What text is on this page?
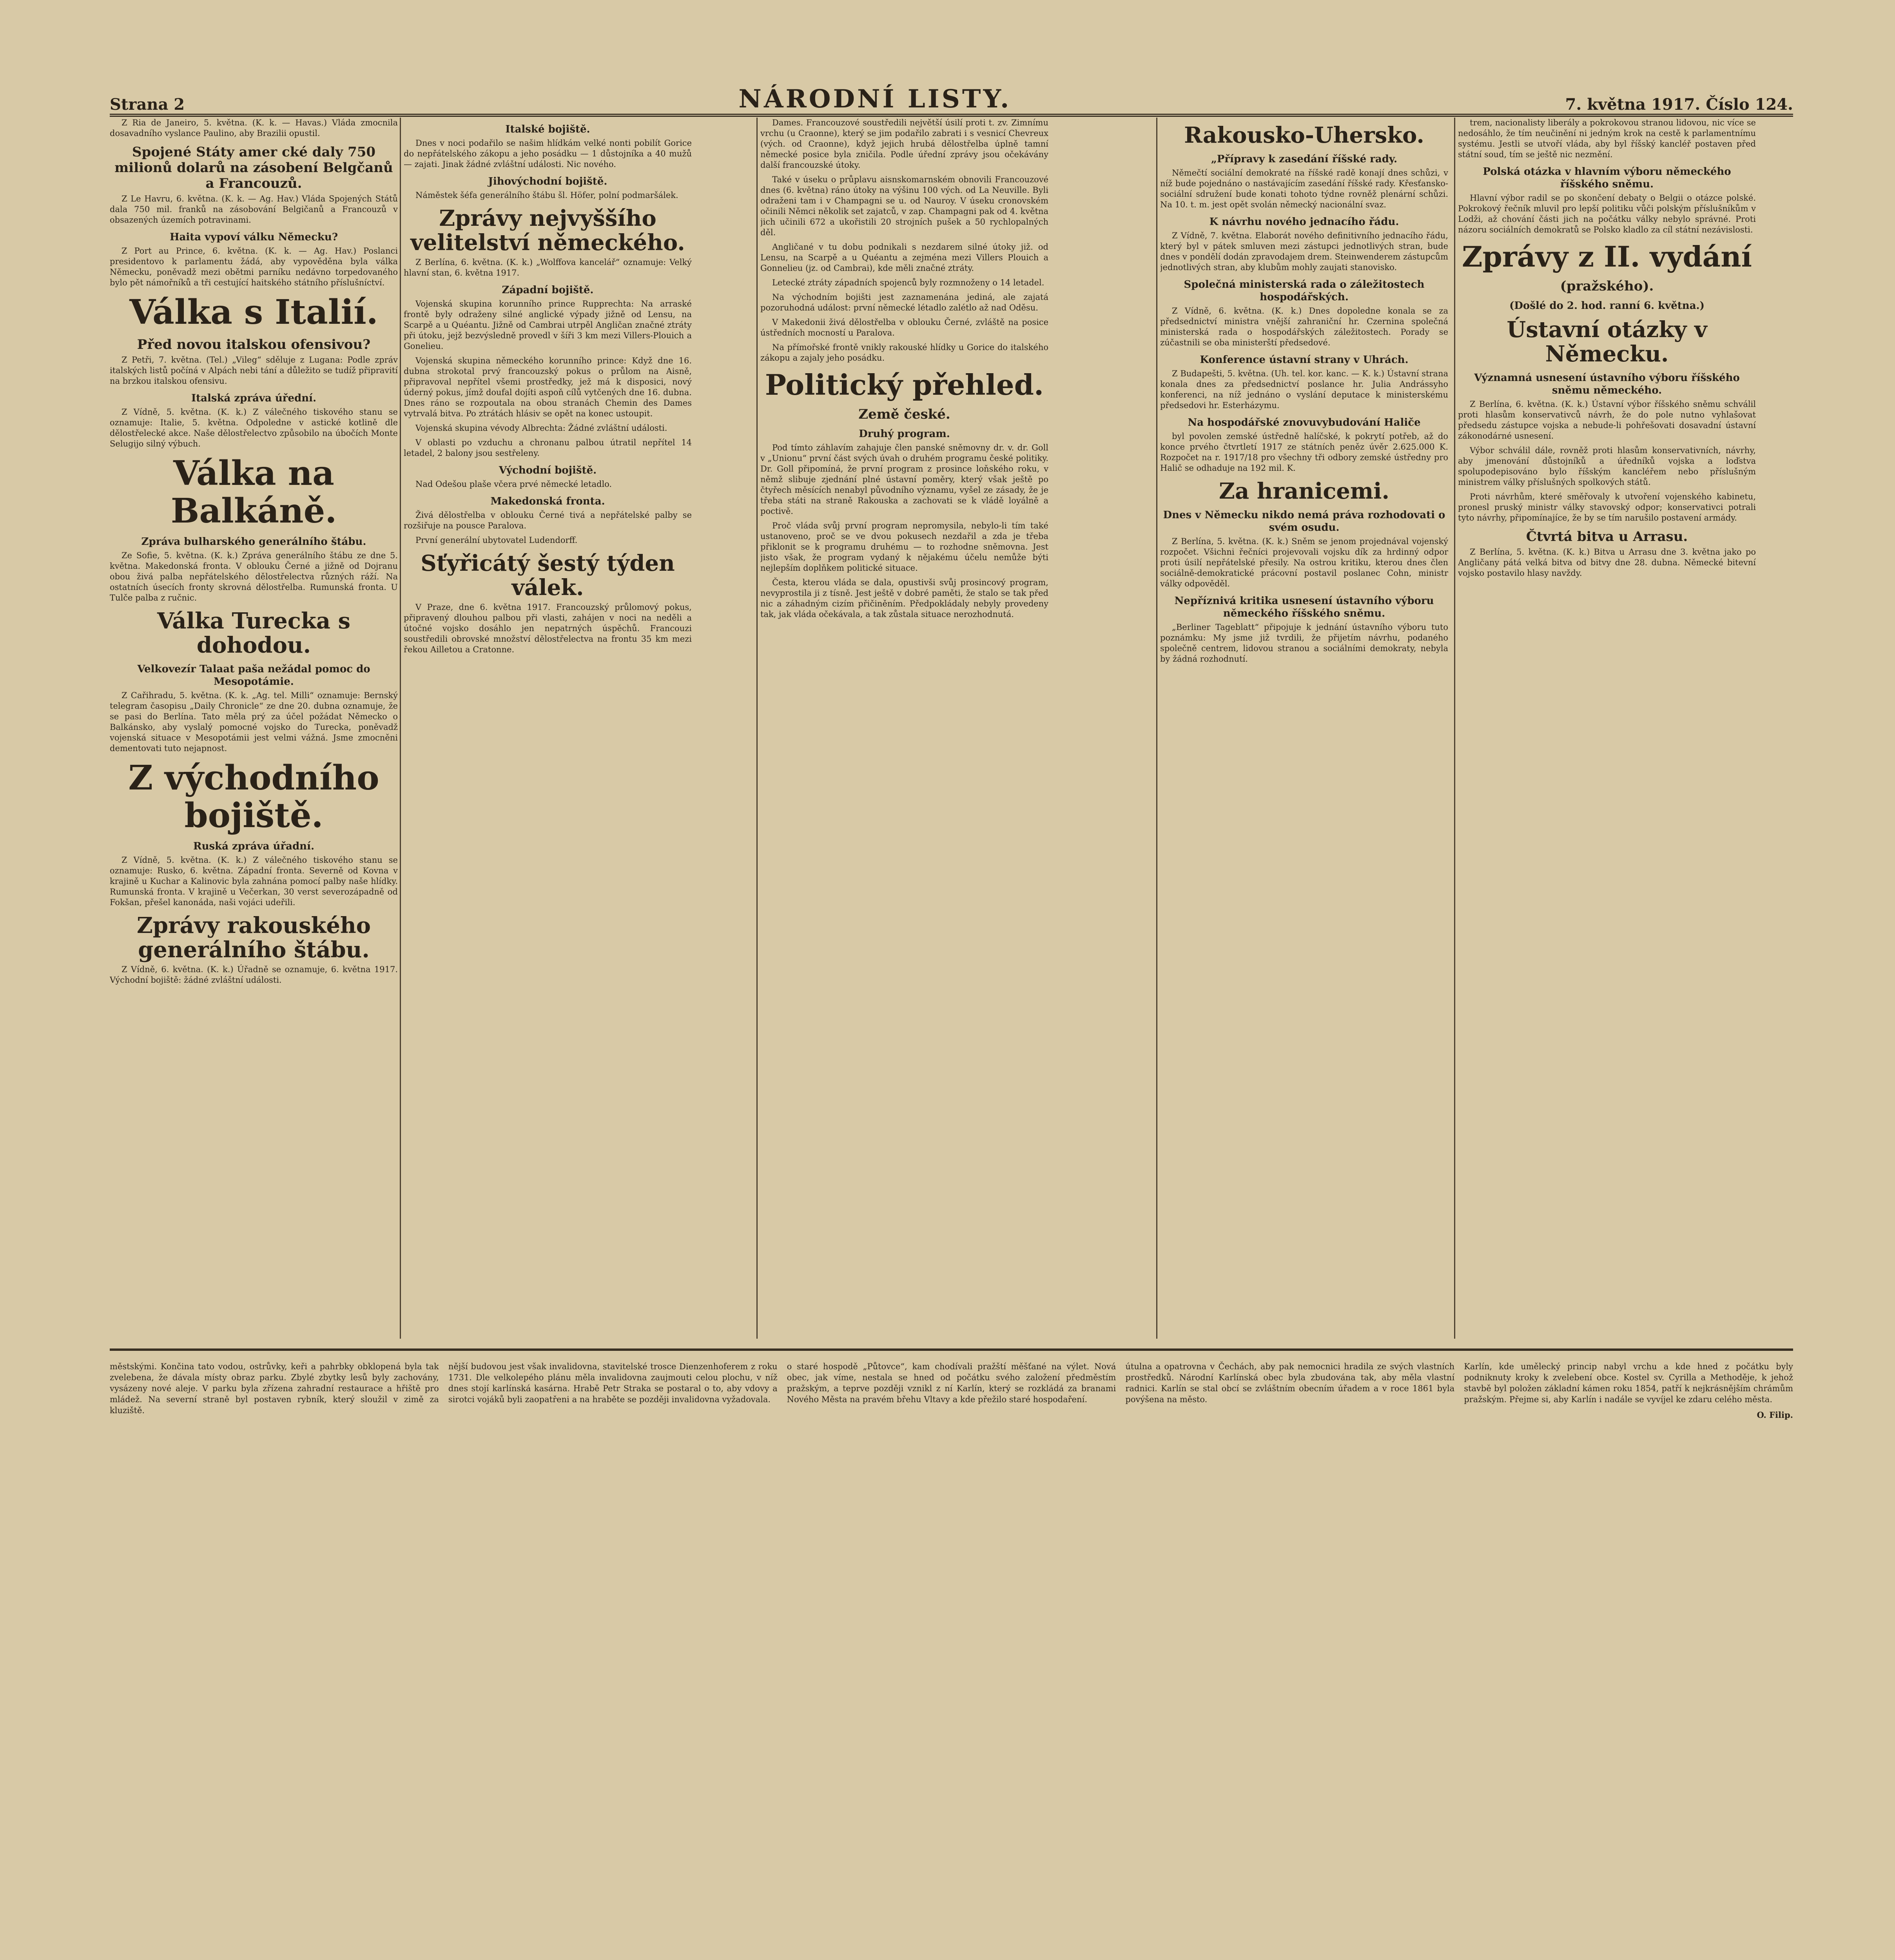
Strana 2	NÁRODNÍ LISTY.	7. května 1917. Číslo 124.

Z Ria de Janeiro, 5. května. (K. k. — Havas.) Vláda zmocnila dosavadního vyslance Paulino, aby Brazilii opustil.

Spojené Státy amer cké daly 750 milionů dolarů na zásobení Belgčanů a Francouzů.

Z Le Havru, 6. května. (K. k. — Ag. Hav.) Vláda Spojených Států dala 750 mil. franků na zásobování Belgičanů a Francouzů v obsazených územích potravinami.

Haita vypoví válku Německu?

Z Port au Prince, 6. května. (K. k. — Ag. Hav.) Poslanci presidentovo k parlamentu žádá, aby vypověděna byla válka Německu, poněvadž mezi obětmi parníku nedávno torpedovaného bylo pět námořníků a tři cestující haitského státního příslušníctví.

Válka s Italií.
Před novou italskou ofensivou?

Z Petři, 7. května. (Tel.) „Vileg“ sděluje z Lugana: Podle zpráv italských listů počíná v Alpách nebi tání a důležito se tudíž připravití na brzkou italskou ofensivu.

Italská zpráva úřední.

Z Vídně, 5. května. (K. k.) Z válečného tiskového stanu se oznamuje: Italie, 5. května. Odpoledne v astické kotlině dle dělostřelecké akce. Naše dělostřelectvo způsobilo na úbočích Monte Selugijo silný výbuch.

Válka na Balkáně.
Zpráva bulharského generálního štábu.

Ze Sofie, 5. května. (K. k.) Zpráva generálního štábu ze dne 5. května. Makedonská fronta. V oblouku Černé a jižně od Dojranu obou živá palba nepřátelského dělostřelectva různých ráží. Na ostatních úsecích fronty skrovná dělostřelba. Rumunská fronta. U Tulče palba z ručnic.

Válka Turecka s dohodou.
Velkovezír Talaat paša nežádal pomoc do Mesopotámie.

Z Cařihradu, 5. května. (K. k. „Ag. tel. Milli“ oznamuje: Bernský telegram časopisu „Daily Chronicle“ ze dne 20. dubna oznamuje, že se pasi do Berlína. Tato měla prý za účel požádat Německo o Balkánsko, aby vyslalý pomocné vojsko do Turecka, poněvadž vojenská situace v Mesopotámii jest velmi vážná. Jsme zmocněni dementovati tuto nejapnost.

Z východního bojiště.
Ruská zpráva úřadní.

Z Vídně, 5. května. (K. k.) Z válečného tiskového stanu se oznamuje: Rusko, 6. května. Západní fronta. Severně od Kovna v krajině u Kuchar a Kalinovic byla zahnána pomocí palby naše hlídky. Rumunská fronta. V krajině u Večerkan, 30 verst severozápadně od Fokšan, přešel kanonáda, naši vojáci udeřili.

Zprávy rakouského generálního štábu.

Z Vídně, 6. května. (K. k.) Úřadně se oznamuje, 6. května 1917. Východní bojiště: žádné zvláštní události.

Italské bojiště.

Dnes v noci podařilo se našim hlídkám velké nonti pobilít Gorice do nepřátelského zákopu a jeho posádku — 1 důstojníka a 40 mužů — zajati. Jinak žádné zvláštní události. Nic nového.

Jihovýchodní bojiště.

Náměstek šéfa generálního štábu šl. Höfer, polní podmaršálek.

Zprávy nejvyššího velitelství německého.

Z Berlína, 6. května. (K. k.) „Wolffova kancelář“ oznamuje: Velký hlavní stan, 6. května 1917.

Západní bojiště.

Vojenská skupina korunního prince Rupprechta: Na arraské frontě byly odraženy silné anglické výpady jižně od Lensu, na Scarpě a u Quéantu. Jižně od Cambrai utrpěl Angličan značné ztráty při útoku, jejž bezvýsledně provedl v šíři 3 km mezi Villers-Plouich a Gonelieu.

Vojenská skupina německého korunního prince: Když dne 16. dubna strokotal prvý francouzský pokus o průlom na Aisně, připravoval nepřítel všemi prostředky, jež má k disposici, nový úderný pokus, jímž doufal dojíti aspoň cílů vytčených dne 16. dubna. Dnes ráno se rozpoutala na obou stranách Chemin des Dames vytrvalá bitva. Po ztrátách hlásiv se opět na konec ustoupit.

Vojenská skupina vévody Albrechta: Žádné zvláštní události.

V oblasti po vzduchu a chronanu palbou útratil nepřítel 14 letadel, 2 balony jsou sestřeleny.

Východní bojiště.

Nad Odešou plaše včera prvé německé letadlo.

Makedonská fronta.

Živá dělostřelba v oblouku Černé tivá a nepřátelské palby se rozšiřuje na pousce Paralova.

První generální ubytovatel Ludendorff.

Sťyřicátý šestý týden válek.

V Praze, dne 6. května 1917. Francouzský průlomový pokus, připravený dlouhou palbou při vlasti, zahájen v noci na neděli a útočné vojsko dosáhlo jen nepatrných úspěchů. Francouzi soustředili obrovské množství dělostřelectva na frontu 35 km mezi řekou Ailletou a Cratonne.

Dames. Francouzové soustředili největší úsilí proti t. zv. Zimnímu vrchu (u Craonne), který se jim podařilo zabrati i s vesnicí Chevreux (vých. od Craonne), když jejich hrubá dělostřelba úplně tamní německé posice byla zničila. Podle úřední zprávy jsou očekávány další francouzské útoky.

Také v úseku o průplavu aisnskomarnském obnovili Francouzové dnes (6. května) ráno útoky na výšinu 100 vých. od La Neuville. Byli odraženi tam i v Champagni se u. od Nauroy. V úseku cronovském očinili Němci několik set zajatců, v zap. Champagni pak od 4. května jich učinili 672 a ukořistili 20 strojních pušek a 50 rychlopalných děl.

Angličané v tu dobu podnikali s nezdarem silné útoky již. od Lensu, na Scarpě a u Quéantu a zejména mezi Villers Plouich a Gonnelieu (jz. od Cambrai), kde měli značné ztráty.

Letecké ztráty západních spojenců byly rozmnoženy o 14 letadel.

Na východním bojišti jest zaznamenána jediná, ale zajatá pozoruhodná událost: první německé létadlo zalétlo až nad Oděsu.

V Makedonii živá dělostřelba v oblouku Černé, zvláště na posice ústředních mocností u Paralova.

Na přímořské frontě vnikly rakouské hlídky u Gorice do italského zákopu a zajaly jeho posádku.

Politický přehled.
Země české.
Druhý program.

Pod tímto záhlavím zahajuje člen panské sněmovny dr. v. dr. Goll v „Unionu“ první část svých úvah o druhém programu české politiky. Dr. Goll připomíná, že první program z prosince loňského roku, v němž slibuje zjednání plné ústavní poměry, který však ještě po čtyřech měsících nenabyl původního významu, vyšel ze zásady, že je třeba státi na straně Rakouska a zachovati se k vládě loyálně a poctivě.

Proč vláda svůj první program nepromysila, nebylo-li tím také ustanoveno, proč se ve dvou pokusech nezdařil a zda je třeba přiklonit se k programu druhému — to rozhodne sněmovna. Jest jisto však, že program vydaný k nějakému účelu nemůže býti nejlepším doplňkem politické situace.

Česta, kterou vláda se dala, opustivši svůj prosincový program, nevyprostila ji z tísně. Jest ještě v dobré paměti, že stalo se tak před nic a záhadným cizím přičiněním. Předpokládaly nebyly provedeny tak, jak vláda očekávala, a tak zůstala situace nerozhodnutá.

Rakousko-Uhersko.
„Přípravy k zasedání říšské rady.

Němečtí sociální demokraté na říšské radě konají dnes schůzi, v níž bude pojednáno o nastávajícím zasedání říšské rady. Křesťansko-sociální sdružení bude konati tohoto týdne rovněž plenární schůzi. Na 10. t. m. jest opět svolán německý nacionální svaz.

K návrhu nového jednacího řádu.

Z Vídně, 7. května. Elaborát nového definitivního jednacího řádu, který byl v pátek smluven mezi zástupci jednotlivých stran, bude dnes v pondělí dodán zpravodajem drem. Steinwenderem zástupcům jednotlivých stran, aby klubům mohly zaujati stanovisko.

Společná ministerská rada o záležitostech hospodářských.

Z Vídně, 6. května. (K. k.) Dnes dopoledne konala se za předsednictví ministra vnější zahraniční hr. Czernina společná ministerská rada o hospodářských záležitostech. Porady se zúčastnili se oba ministerští předsedové.

Konference ústavní strany v Uhrách.

Z Budapešti, 5. května. (Uh. tel. kor. kanc. — K. k.) Ústavní strana konala dnes za předsednictví poslance hr. Julia Andrássyho konferenci, na níž jednáno o vyslání deputace k ministerskému předsedovi hr. Esterházymu.

Na hospodářské znovuvybudování Haliče

byl povolen zemské ústředně halíčské, k pokrytí potřeb, až do konce prvého čtvrtletí 1917 ze státních peněz úvěr 2.625.000 K. Rozpočet na r. 1917/18 pro všechny tři odbory zemské ústředny pro Halič se odhaduje na 192 mil. K.

Za hranicemi.
Dnes v Německu nikdo nemá práva rozhodovati o svém osudu.

Z Berlína, 5. května. (K. k.) Sněm se jenom projednával vojenský rozpočet. Všichni řečníci projevovali vojsku dík za hrdinný odpor proti úsilí nepřátelské přesily. Na ostrou kritiku, kterou dnes člen sociálně-demokratické prácovní postavil poslanec Cohn, ministr války odpověděl.

Nepříznivá kritika usnesení ústavního výboru německého říšského sněmu.

„Berliner Tageblatt“ připojuje k jednání ústavního výboru tuto poznámku: My jsme již tvrdili, že přijetím návrhu, podaného společně centrem, lidovou stranou a sociálními demokraty, nebyla by žádná rozhodnutí.

trem, nacionalisty liberály a pokrokovou stranou lidovou, nic více se nedosáhlo, že tím neučinění ni jedným krok na cestě k parlamentnímu systému. Jestli se utvoří vláda, aby byl říšský kancléř postaven před státní soud, tím se ještě nic nezmění.

Polská otázka v hlavním výboru německého říšského sněmu.

Hlavní výbor radil se po skončení debaty o Belgii o otázce polské. Pokrokový řečník mluvil pro lepší politiku vůči polským příslušníkům v Lodži, až chování části jich na počátku války nebylo správné. Proti názoru sociálních demokratů se Polsko kladlo za cíl státní nezávislosti.

Zprávy z II. vydání
(pražského).
(Došlé do 2. hod. ranní 6. května.)
Ústavní otázky v Německu.
Významná usnesení ústavního výboru říšského sněmu německého.

Z Berlína, 6. května. (K. k.) Ústavní výbor říšského sněmu schválil proti hlasům konservativců návrh, že do pole nutno vyhlašovat předsedu zástupce vojska a nebude-li pohřešovati dosavadní ústavní zákonodárné usnesení.

Výbor schválil dále, rovněž proti hlasům konservativních, návrhy, aby jmenování důstojníků a úředníků vojska a loďstva spolupodepisováno bylo říšským kancléřem nebo příslušným ministrem války příslušných spolkových států.

Proti návrhům, které směřovaly k utvoření vojenského kabinetu, pronesl pruský ministr války stavovský odpor; konservativci potrali tyto návrhy, připomínajíce, že by se tím narušilo postavení armády.

Čtvrtá bitva u Arrasu.

Z Berlína, 5. května. (K. k.) Bitva u Arrasu dne 3. května jako po Angličany pátá velká bitva od bitvy dne 28. dubna. Německé bitevní vojsko postavilo hlasy navždy.

městskými. Končina tato vodou, ostrůvky, keři a pahrbky obklopená byla tak zvelebena, že dávala místy obraz parku. Zbylé zbytky lesů byly zachovány, vysázeny nové aleje. V parku byla zřízena zahradní restaurace a hřiště pro mládež. Na severní straně byl postaven rybník, který sloužil v zimě za kluziště.
nější budovou jest však invalidovna, stavitelské trosce Dienzenhoferem z roku 1731. Dle velkolepého plánu měla invalidovna zaujmouti celou plochu, v níž dnes stojí karlínská kasárna. Hrabě Petr Straka se postaral o to, aby vdovy a sirotci vojáků byli zaopatřeni a na hraběte se později invalidovna vyžadovala.
o staré hospodě „Půtovce“, kam chodívali pražští měšťané na výlet. Nová obec, jak víme, nestala se hned od počátku svého založení předměstím pražským, a teprve později vznikl z ní Karlín, který se rozkládá za branami Nového Města na pravém břehu Vltavy a kde přežilo staré hospodaření.
útulna a opatrovna v Čechách, aby pak nemocnici hradila ze svých vlastních prostředků. Národní Karlínská obec byla zbudována tak, aby měla vlastní radnici. Karlín se stal obcí se zvláštním obecním úřadem a v roce 1861 byla povýšena na město.
Karlín, kde umělecký princip nabyl vrchu a kde hned z počátku byly podniknuty kroky k zvelebení obce. Kostel sv. Cyrilla a Methoděje, k jehož stavbě byl položen základní kámen roku 1854, patří k nejkrásnějším chrámům pražským. Přejme si, aby Karlín i nadále se vyvíjel ke zdaru celého města.
O. Filip.
